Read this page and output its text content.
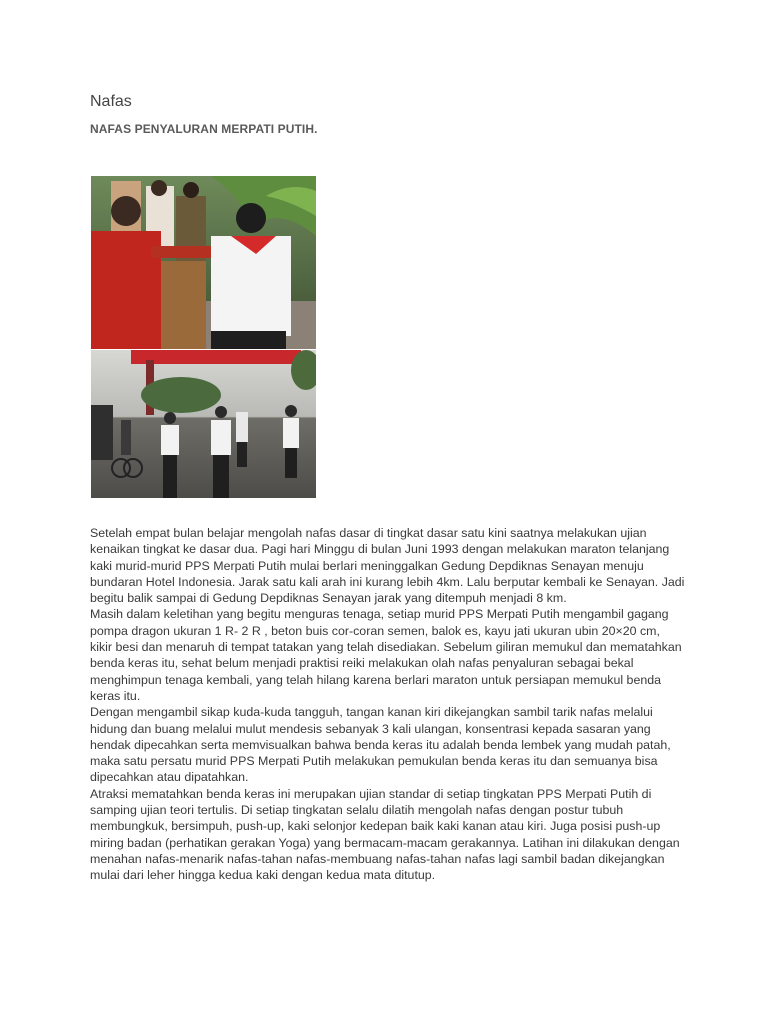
Nafas
NAFAS PENYALURAN MERPATI PUTIH.

Setelah empat bulan belajar mengolah nafas dasar di tingkat dasar satu kini saatnya melakukan ujian kenaikan tingkat ke dasar dua. Pagi hari Minggu di bulan Juni 1993 dengan melakukan maraton telanjang kaki murid-murid PPS Merpati Putih mulai berlari meninggalkan Gedung Depdiknas Senayan menuju bundaran Hotel Indonesia. Jarak satu kali arah ini kurang lebih 4km. Lalu berputar kembali ke Senayan. Jadi begitu balik sampai di Gedung Depdiknas Senayan jarak yang ditempuh menjadi 8 km.

Masih dalam keletihan yang begitu menguras tenaga, setiap murid PPS Merpati Putih mengambil gagang pompa dragon ukuran 1 R- 2 R , beton buis cor-coran semen, balok es, kayu jati ukuran ubin 20×20 cm, kikir besi dan menaruh di tempat tatakan yang telah disediakan. Sebelum giliran memukul dan mematahkan benda keras itu, sehat belum menjadi praktisi reiki melakukan olah nafas penyaluran sebagai bekal menghimpun tenaga kembali, yang telah hilang karena berlari maraton untuk persiapan memukul benda keras itu.

Dengan mengambil sikap kuda-kuda tangguh, tangan kanan kiri dikejangkan sambil tarik nafas melalui hidung dan buang melalui mulut mendesis sebanyak 3 kali ulangan, konsentrasi kepada sasaran yang hendak dipecahkan serta memvisualkan bahwa benda keras itu adalah benda lembek yang mudah patah, maka satu persatu murid PPS Merpati Putih melakukan pemukulan benda keras itu dan semuanya bisa dipecahkan atau dipatahkan.

Atraksi mematahkan benda keras ini merupakan ujian standar di setiap tingkatan PPS Merpati Putih di samping ujian teori tertulis. Di setiap tingkatan selalu dilatih mengolah nafas dengan postur tubuh membungkuk, bersimpuh, push-up, kaki selonjor kedepan baik kaki kanan atau kiri. Juga posisi push-up miring badan (perhatikan gerakan Yoga) yang bermacam-macam gerakannya. Latihan ini dilakukan dengan menahan nafas-menarik nafas-tahan nafas-membuang nafas-tahan nafas lagi sambil badan dikejangkan mulai dari leher hingga kedua kaki dengan kedua mata ditutup.
